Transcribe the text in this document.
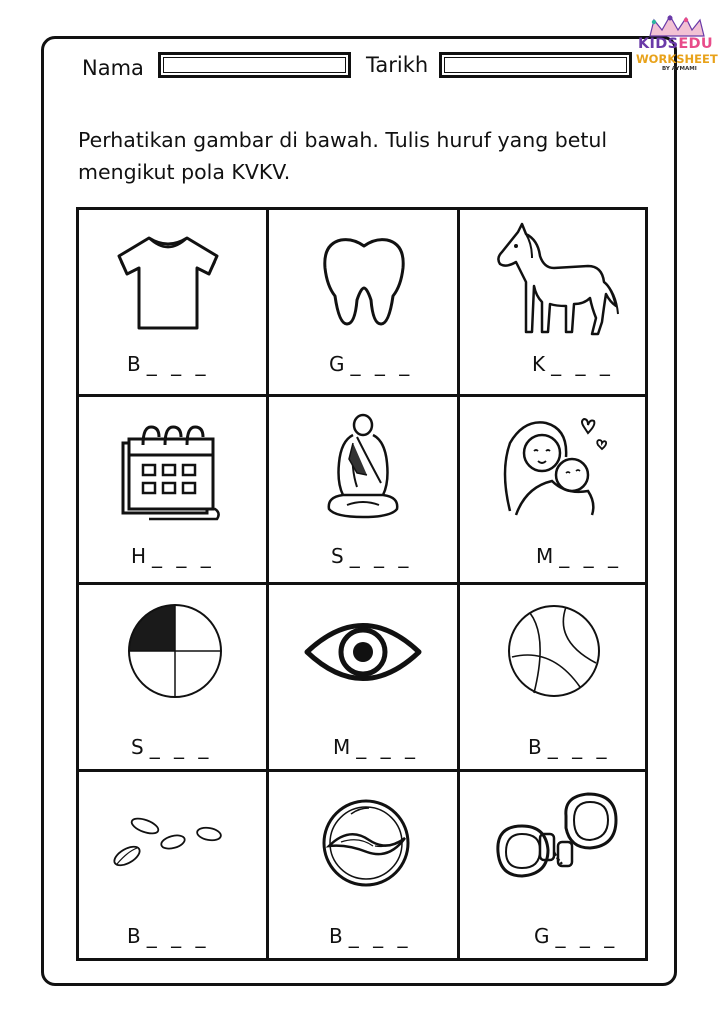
Nama	Tarikh
KIDSEDU
WORKSHEET
BY AYMAMI
Perhatikan gambar di bawah. Tulis huruf yang betul
mengikut pola KVKV.
B _ _ _	G _ _ _	K _ _ _
H _ _ _	S _ _ _	M _ _ _
S _ _ _	M _ _ _	B _ _ _
B _ _ _	B _ _ _	G _ _ _
